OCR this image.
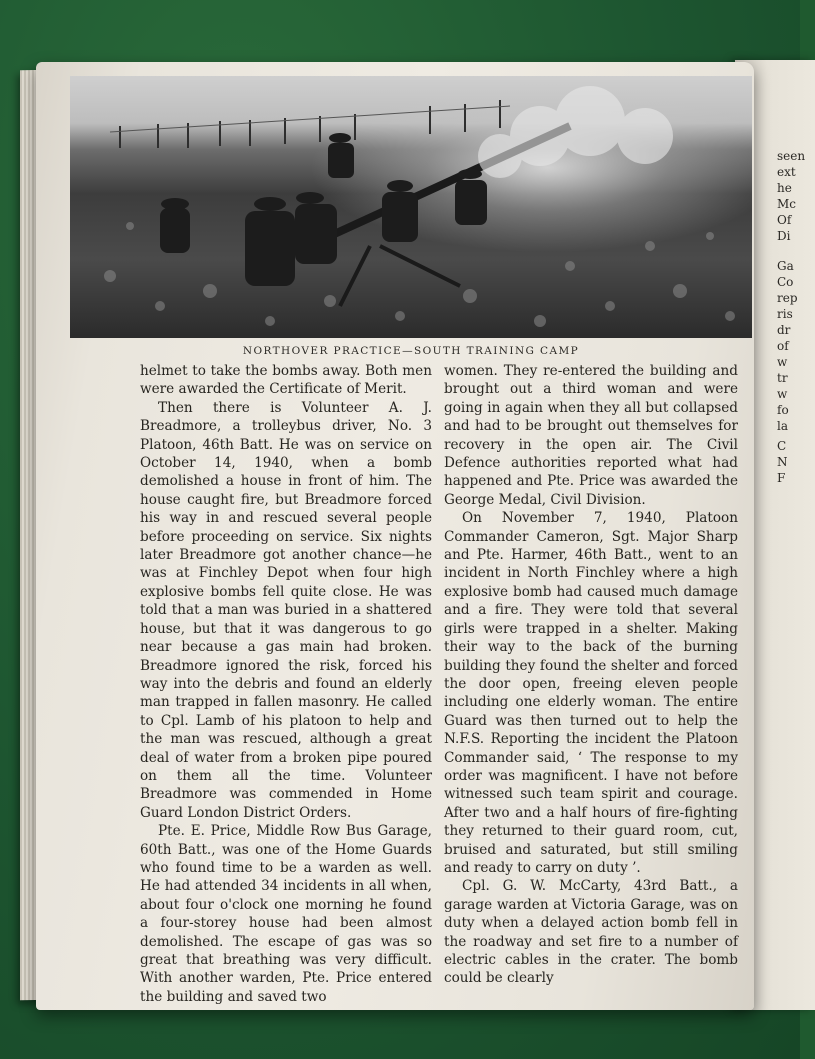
seen
ext
he
Mc
Of
Di
Ga
Co
rep
ris
dr
of
w
tr
w
fo
la
C
N
F
NORTHOVER PRACTICE—SOUTH TRAINING CAMP

helmet to take the bombs away. Both men were awarded the Certificate of Merit.

Then there is Volunteer A. J. Breadmore, a trolleybus driver, No. 3 Platoon, 46th Batt. He was on service on October 14, 1940, when a bomb demolished a house in front of him. The house caught fire, but Breadmore forced his way in and rescued several people before proceeding on service. Six nights later Breadmore got another chance—he was at Finchley Depot when four high explosive bombs fell quite close. He was told that a man was buried in a shattered house, but that it was dangerous to go near because a gas main had broken. Breadmore ignored the risk, forced his way into the debris and found an elderly man trapped in fallen masonry. He called to Cpl. Lamb of his platoon to help and the man was rescued, although a great deal of water from a broken pipe poured on them all the time. Volunteer Breadmore was commended in Home Guard London District Orders.

Pte. E. Price, Middle Row Bus Garage, 60th Batt., was one of the Home Guards who found time to be a warden as well. He had attended 34 incidents in all when, about four o'clock one morning he found a four-storey house had been almost demolished. The escape of gas was so great that breathing was very difficult. With another warden, Pte. Price entered the building and saved two

women. They re-entered the building and brought out a third woman and were going in again when they all but collapsed and had to be brought out themselves for recovery in the open air. The Civil Defence authorities reported what had happened and Pte. Price was awarded the George Medal, Civil Division.

On November 7, 1940, Platoon Commander Cameron, Sgt. Major Sharp and Pte. Harmer, 46th Batt., went to an incident in North Finchley where a high explosive bomb had caused much damage and a fire. They were told that several girls were trapped in a shelter. Making their way to the back of the burning building they found the shelter and forced the door open, freeing eleven people including one elderly woman. The entire Guard was then turned out to help the N.F.S. Reporting the incident the Platoon Commander said, ‘ The response to my order was magnificent. I have not before witnessed such team spirit and courage. After two and a half hours of fire-fighting they returned to their guard room, cut, bruised and saturated, but still smiling and ready to carry on duty ’.

Cpl. G. W. McCarty, 43rd Batt., a garage warden at Victoria Garage, was on duty when a delayed action bomb fell in the roadway and set fire to a number of electric cables in the crater. The bomb could be clearly
